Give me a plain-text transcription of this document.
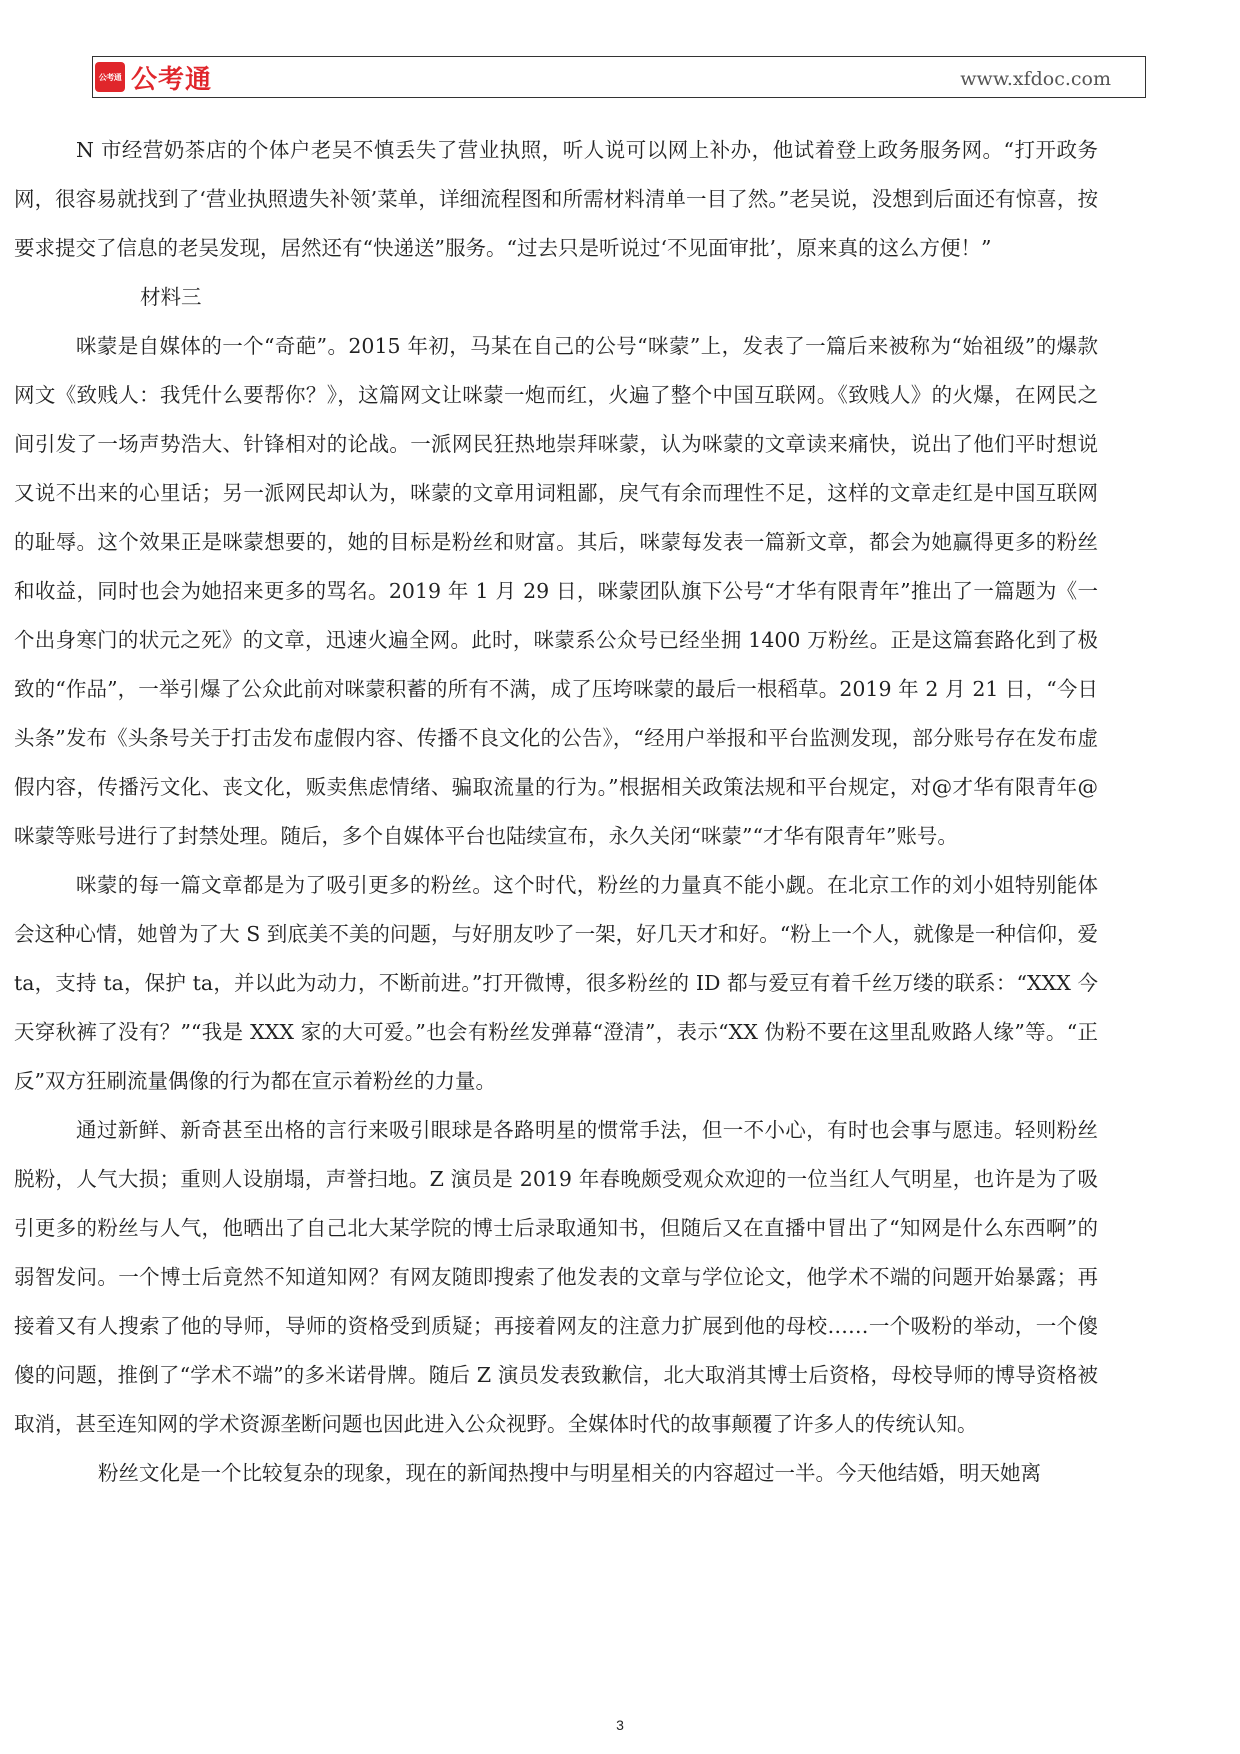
公考通 公考通	www.xfdoc.com

N 市经营奶茶店的个体户老吴不慎丢失了营业执照，听人说可以网上补办，他试着登上政务服务网。“打开政务网，很容易就找到了‘营业执照遗失补领’菜单，详细流程图和所需材料清单一目了然。”老吴说，没想到后面还有惊喜，按要求提交了信息的老吴发现，居然还有“快递送”服务。“过去只是听说过‘不见面审批’，原来真的这么方便！”

材料三

咪蒙是自媒体的一个“奇葩”。2015 年初，马某在自己的公号“咪蒙”上，发表了一篇后来被称为“始祖级”的爆款网文《致贱人：我凭什么要帮你？》，这篇网文让咪蒙一炮而红，火遍了整个中国互联网。《致贱人》的火爆，在网民之间引发了一场声势浩大、针锋相对的论战。一派网民狂热地崇拜咪蒙，认为咪蒙的文章读来痛快，说出了他们平时想说又说不出来的心里话；另一派网民却认为，咪蒙的文章用词粗鄙，戾气有余而理性不足，这样的文章走红是中国互联网的耻辱。这个效果正是咪蒙想要的，她的目标是粉丝和财富。其后，咪蒙每发表一篇新文章，都会为她赢得更多的粉丝和收益，同时也会为她招来更多的骂名。2019 年 1 月 29 日，咪蒙团队旗下公号“才华有限青年”推出了一篇题为《一个出身寒门的状元之死》的文章，迅速火遍全网。此时，咪蒙系公众号已经坐拥 1400 万粉丝。正是这篇套路化到了极致的“作品”，一举引爆了公众此前对咪蒙积蓄的所有不满，成了压垮咪蒙的最后一根稻草。2019 年 2 月 21 日，“今日头条”发布《头条号关于打击发布虚假内容、传播不良文化的公告》，“经用户举报和平台监测发现，部分账号存在发布虚假内容，传播污文化、丧文化，贩卖焦虑情绪、骗取流量的行为。”根据相关政策法规和平台规定，对@才华有限青年@咪蒙等账号进行了封禁处理。随后，多个自媒体平台也陆续宣布，永久关闭“咪蒙”“才华有限青年”账号。

咪蒙的每一篇文章都是为了吸引更多的粉丝。这个时代，粉丝的力量真不能小觑。在北京工作的刘小姐特别能体会这种心情，她曾为了大 S 到底美不美的问题，与好朋友吵了一架，好几天才和好。“粉上一个人，就像是一种信仰，爱 ta，支持 ta，保护 ta，并以此为动力，不断前进。”打开微博，很多粉丝的 ID 都与爱豆有着千丝万缕的联系：“XXX 今天穿秋裤了没有？”“我是 XXX 家的大可爱。”也会有粉丝发弹幕“澄清”，表示“XX 伪粉不要在这里乱败路人缘”等。“正反”双方狂刷流量偶像的行为都在宣示着粉丝的力量。

通过新鲜、新奇甚至出格的言行来吸引眼球是各路明星的惯常手法，但一不小心，有时也会事与愿违。轻则粉丝脱粉，人气大损；重则人设崩塌，声誉扫地。Z 演员是 2019 年春晚颇受观众欢迎的一位当红人气明星，也许是为了吸引更多的粉丝与人气，他晒出了自己北大某学院的博士后录取通知书，但随后又在直播中冒出了“知网是什么东西啊”的弱智发问。一个博士后竟然不知道知网？有网友随即搜索了他发表的文章与学位论文，他学术不端的问题开始暴露；再接着又有人搜索了他的导师，导师的资格受到质疑；再接着网友的注意力扩展到他的母校……一个吸粉的举动，一个傻傻的问题，推倒了“学术不端”的多米诺骨牌。随后 Z 演员发表致歉信，北大取消其博士后资格，母校导师的博导资格被取消，甚至连知网的学术资源垄断问题也因此进入公众视野。全媒体时代的故事颠覆了许多人的传统认知。

粉丝文化是一个比较复杂的现象，现在的新闻热搜中与明星相关的内容超过一半。今天他结婚，明天她离

3
